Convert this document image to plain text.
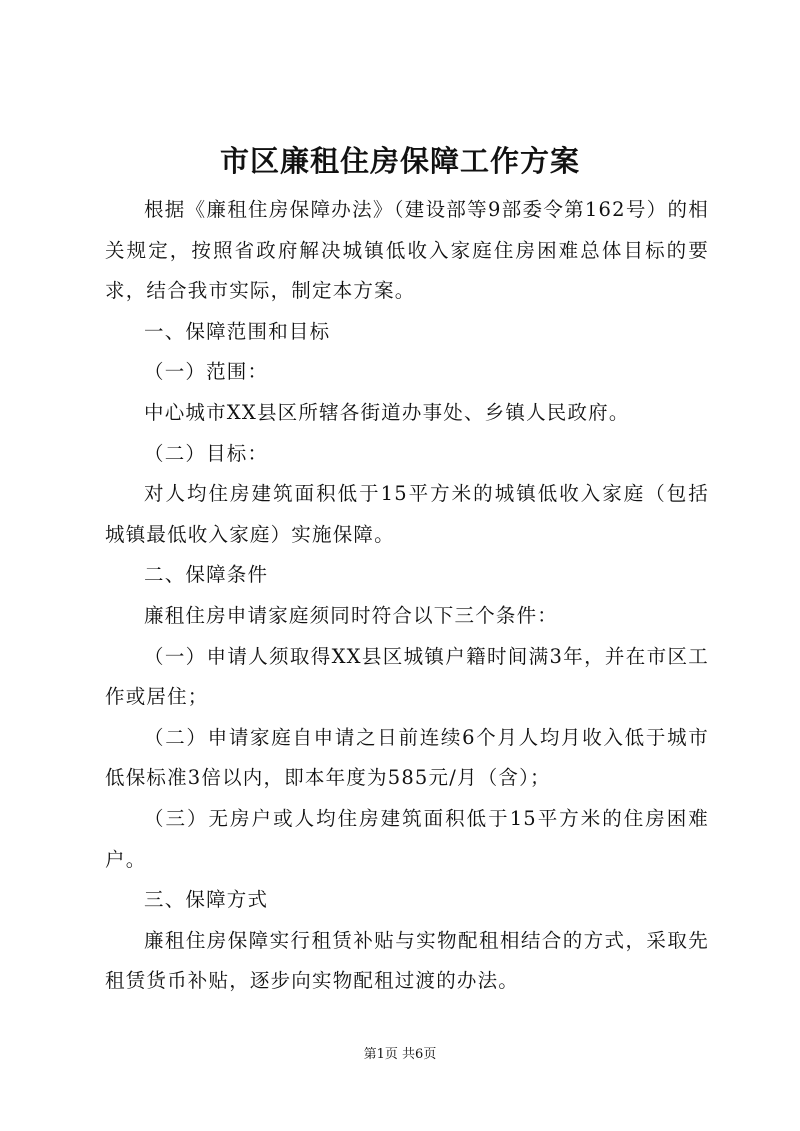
市区廉租住房保障工作方案

根据《廉租住房保障办法》（建设部等9部委令第162号）的相关规定，按照省政府解决城镇低收入家庭住房困难总体目标的要求，结合我市实际，制定本方案。

一、保障范围和目标

（一）范围：

中心城市XX县区所辖各街道办事处、乡镇人民政府。

（二）目标：

对人均住房建筑面积低于15平方米的城镇低收入家庭（包括城镇最低收入家庭）实施保障。

二、保障条件

廉租住房申请家庭须同时符合以下三个条件：

（一）申请人须取得XX县区城镇户籍时间满3年，并在市区工作或居住；

（二）申请家庭自申请之日前连续6个月人均月收入低于城市低保标准3倍以内，即本年度为585元/月（含）；

（三）无房户或人均住房建筑面积低于15平方米的住房困难户。

三、保障方式

廉租住房保障实行租赁补贴与实物配租相结合的方式，采取先租赁货币补贴，逐步向实物配租过渡的办法。

第1页 共6页
